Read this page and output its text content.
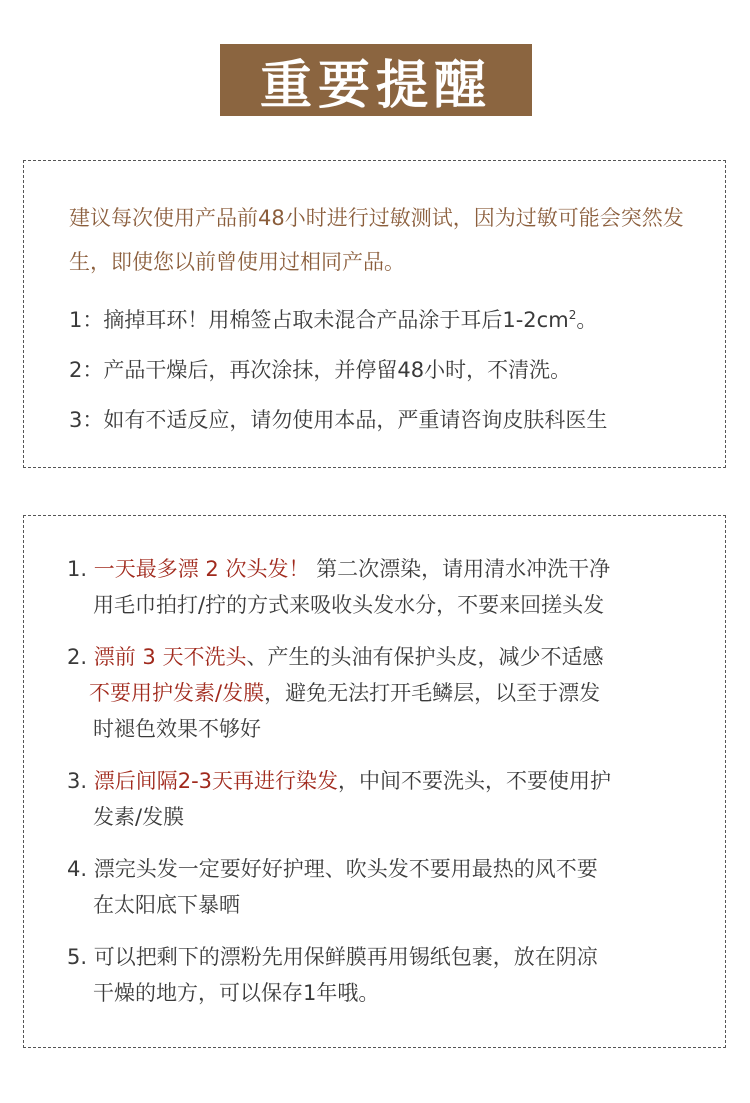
重要提醒
建议每次使用产品前48小时进行过敏测试，因为过敏可能会突然发生，即使您以前曾使用过相同产品。
1：摘掉耳环！用棉签占取未混合产品涂于耳后$1-2cm^2$。
2：产品干燥后，再次涂抹，并停留48小时，不清洗。
3：如有不适反应，请勿使用本品，严重请咨询皮肤科医生
1. 一天最多漂 2 次头发！ 第二次漂染，请用清水冲洗干净
用毛巾拍打/拧的方式来吸收头发水分，不要来回搓头发
2. 漂前 3 天不洗头、产生的头油有保护头皮，减少不适感
不要用护发素/发膜，避免无法打开毛鳞层，以至于漂发
时褪色效果不够好
3. 漂后间隔2-3天再进行染发，中间不要洗头，不要使用护
发素/发膜
4. 漂完头发一定要好好护理、吹头发不要用最热的风不要
在太阳底下暴晒
5. 可以把剩下的漂粉先用保鲜膜再用锡纸包裹，放在阴凉
干燥的地方，可以保存1年哦。
